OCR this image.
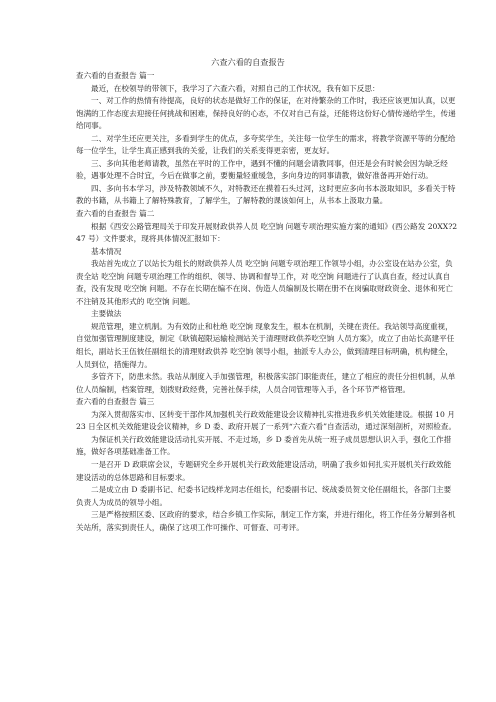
六查六看的自查报告
查六看的自查报告 篇一
最近，在校领导的带领下，我学习了六查六看，对照自己的工作状况，我有如下反思：
一、对工作的热情有待提高，良好的状态是做好工作的保证，在对待繁杂的工作时，我还应该更加认真，以更饱满的工作态度去迎接任何挑战和困难，保持良好的心态，不仅对自己有益，还能将这份好心情传递给学生，传递给同事。
二、对学生还应更关注，多看到学生的优点，多夸奖学生，关注每一位学生的需求，将教学资源平等的分配给每一位学生，让学生真正感到我的关爱，让我们的关系变得更亲密，更友好。
三、多向其他老师请教，虽然在平时的工作中，遇到不懂的问题会请教同事，但还是会有时候会因为缺乏经验，遇事处理不合时宜，今后在做事之前，要衡量轻重缓急，多向身边的同事请教，做好准备再开始行动。
四、多向书本学习，涉及特教领域不久，对特教还在摸着石头过河，这时更应多向书本汲取知识，多看关于特教的书籍，从书籍上了解特殊教育，了解学生，了解特教的课该如何上，从书本上汲取力量。
查六看的自查报告 篇二
根据《西安公路管理局关于印发开展财政供养人员 吃空饷 问题专项治理实施方案的通知》(西公路发 20XX?247 号）文件要求，现将具体情况汇报如下：
基本情况
我站首先成立了以站长为组长的财政供养人员 吃空饷 问题专项治理工作领导小组，办公室设在站办公室，负责全站 吃空饷 问题专项治理工作的组织、领导、协调和督导工作，对 吃空饷 问题进行了认真自查，经过认真自查，没有发现 吃空饷 问题。不存在长期在编不在岗、伪造人员编制及长期在册不在岗骗取财政资金、退休和死亡不注销及其他形式的 吃空饷 问题。
主要做法
规范管理，建立机制。为有效防止和杜绝 吃空饷 现象发生，根本在机制，关键在责任。我站领导高度重视，自觉加强管理制度建设，制定《耿镇超限运输检测站关于清理财政供养吃空饷 人员方案》，成立了由站长高建平任组长，副站长王伍彼任副组长的清理财政供养 吃空饷 领导小组，抽派专人办公，做到清理目标明确，机构健全，人员到位，措施得力。
多管齐下，防患未然。我站从制度入手加强管理，积极落实部门职能责任，建立了相应的责任分担机制，从单位人员编制，档案管理，划拨财政经费，完善社保手续，人员合同管理等入手，各个环节严格管理。
查六看的自查报告 篇三
为深入贯彻落实市、区转变干部作风加强机关行政效能建设会议精神扎实推进我乡机关效能建设。根据 10 月 23 日全区机关效能建设会议精神，乡 D 委、政府开展了一系列“六查六看”自查活动，通过深刻剖析，对照检查。
为保证机关行政效能建设活动扎实开展、不走过场，乡 D 委首先从统一班子成员思想认识入手，强化工作措施，做好各项基础准备工作。
一是召开 D 政联席会议，专题研究全乡开展机关行政效能建设活动，明确了我乡如何扎实开展机关行政效能建设活动的总体思路和目标要求。
二是成立由 D 委副书记、纪委书记线样龙同志任组长，纪委副书记、统战委员贺文伦任副组长，各部门主要负责人为成员的领导小组。
三是严格按照区委、区政府的要求，结合乡镇工作实际，制定工作方案，并进行细化，将工作任务分解到各机关站所，落实到责任人，确保了这项工作可操作、可督查、可考评。
